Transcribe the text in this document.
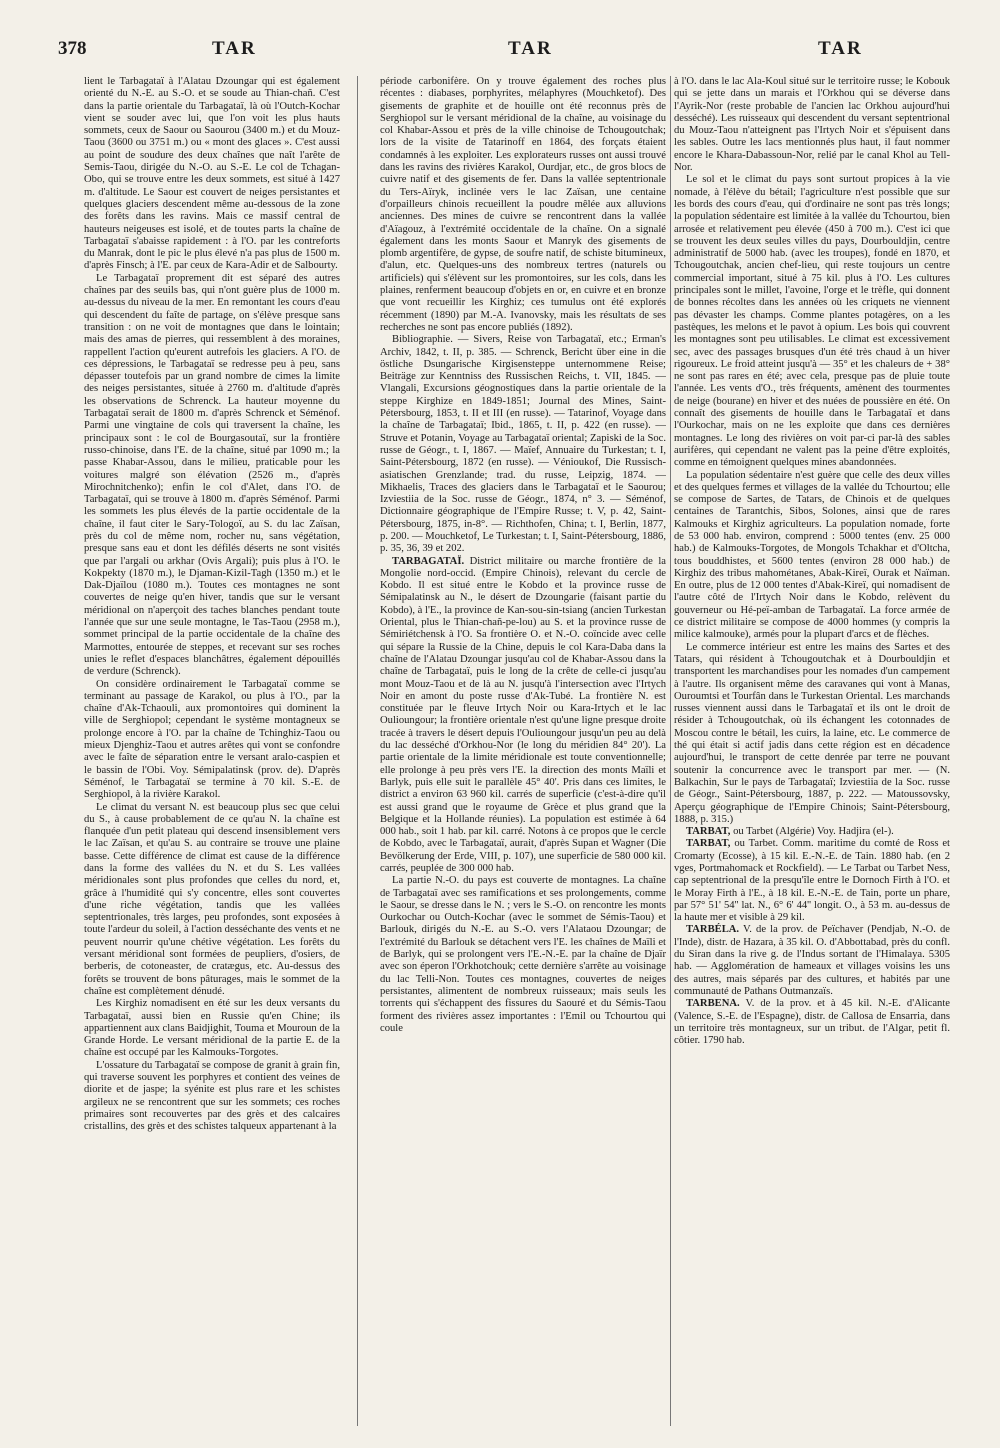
378	TAR	TAR	TAR

lient le Tarbagataï à l'Alatau Dzoungar qui est également orienté du N.-E. au S.-O. et se soude au Thian-chañ. C'est dans la partie orientale du Tarbagataï, là où l'Outch-Kochar vient se souder avec lui, que l'on voit les plus hauts sommets, ceux de Saour ou Saourou (3400 m.) et du Mouz-Taou (3600 ou 3751 m.) ou « mont des glaces ». C'est aussi au point de soudure des deux chaînes que naît l'arête de Semis-Taou, dirigée du N.-O. au S.-E. Le col de Tchagan-Obo, qui se trouve entre les deux sommets, est situé à 1427 m. d'altitude. Le Saour est couvert de neiges persistantes et quelques glaciers descendent même au-dessous de la zone des forêts dans les ravins. Mais ce massif central de hauteurs neigeuses est isolé, et de toutes parts la chaîne de Tarbagataï s'abaisse rapidement : à l'O. par les contreforts du Manrak, dont le pic le plus élevé n'a pas plus de 1500 m. d'après Finsch; à l'E. par ceux de Kara-Adir et de Salbourty.

Le Tarbagataï proprement dit est séparé des autres chaînes par des seuils bas, qui n'ont guère plus de 1000 m. au-dessus du niveau de la mer. En remontant les cours d'eau qui descendent du faîte de partage, on s'élève presque sans transition : on ne voit de montagnes que dans le lointain; mais des amas de pierres, qui ressemblent à des moraines, rappellent l'action qu'eurent autrefois les glaciers. A l'O. de ces dépressions, le Tarbagataï se redresse peu à peu, sans dépasser toutefois par un grand nombre de cimes la limite des neiges persistantes, située à 2760 m. d'altitude d'après les observations de Schrenck. La hauteur moyenne du Tarbagataï serait de 1800 m. d'après Schrenck et Séménof. Parmi une vingtaine de cols qui traversent la chaîne, les principaux sont : le col de Bourgasoutaï, sur la frontière russo-chinoise, dans l'E. de la chaîne, situé par 1090 m.; la passe Khabar-Assou, dans le milieu, praticable pour les voitures malgré son élévation (2526 m., d'après Mirochnitchenko); enfin le col d'Alet, dans l'O. de Tarbagataï, qui se trouve à 1800 m. d'après Séménof. Parmi les sommets les plus élevés de la partie occidentale de la chaîne, il faut citer le Sary-Tologoï, au S. du lac Zaïsan, près du col de même nom, rocher nu, sans végétation, presque sans eau et dont les défilés déserts ne sont visités que par l'argali ou arkhar (Ovis Argali); puis plus à l'O. le Kokpekty (1870 m.), le Djaman-Kizil-Tagh (1350 m.) et le Dak-Djaïlou (1080 m.). Toutes ces montagnes ne sont couvertes de neige qu'en hiver, tandis que sur le versant méridional on n'aperçoit des taches blanches pendant toute l'année que sur une seule montagne, le Tas-Taou (2958 m.), sommet principal de la partie occidentale de la chaîne des Marmottes, entourée de steppes, et recevant sur ses roches unies le reflet d'espaces blanchâtres, également dépouillés de verdure (Schrenck).

On considère ordinairement le Tarbagataï comme se terminant au passage de Karakol, ou plus à l'O., par la chaîne d'Ak-Tchaouli, aux promontoires qui dominent la ville de Serghiopol; cependant le système montagneux se prolonge encore à l'O. par la chaîne de Tchinghiz-Taou ou mieux Djenghiz-Taou et autres arêtes qui vont se confondre avec le faîte de séparation entre le versant aralo-caspien et le bassin de l'Obi. Voy. Sémipalatinsk (prov. de). D'après Séménof, le Tarbagataï se termine à 70 kil. S.-E. de Serghiopol, à la rivière Karakol.

Le climat du versant N. est beaucoup plus sec que celui du S., à cause probablement de ce qu'au N. la chaîne est flanquée d'un petit plateau qui descend insensiblement vers le lac Zaïsan, et qu'au S. au contraire se trouve une plaine basse. Cette différence de climat est cause de la différence dans la forme des vallées du N. et du S. Les vallées méridionales sont plus profondes que celles du nord, et, grâce à l'humidité qui s'y concentre, elles sont couvertes d'une riche végétation, tandis que les vallées septentrionales, très larges, peu profondes, sont exposées à toute l'ardeur du soleil, à l'action desséchante des vents et ne peuvent nourrir qu'une chétive végétation. Les forêts du versant méridional sont formées de peupliers, d'osiers, de berberis, de cotoneaster, de cratægus, etc. Au-dessus des forêts se trouvent de bons pâturages, mais le sommet de la chaîne est complètement dénudé.

Les Kirghiz nomadisent en été sur les deux versants du Tarbagataï, aussi bien en Russie qu'en Chine; ils appartiennent aux clans Baidjighit, Touma et Mouroun de la Grande Horde. Le versant méridional de la partie E. de la chaîne est occupé par les Kalmouks-Torgotes.

L'ossature du Tarbagataï se compose de granit à grain fin, qui traverse souvent les porphyres et contient des veines de diorite et de jaspe; la syénite est plus rare et les schistes argileux ne se rencontrent que sur les sommets; ces roches primaires sont recouvertes par des grès et des calcaires cristallins, des grès et des schistes talqueux appartenant à la

période carbonifère. On y trouve également des roches plus récentes : diabases, porphyrites, mélaphyres (Mouchketof). Des gisements de graphite et de houille ont été reconnus près de Serghiopol sur le versant méridional de la chaîne, au voisinage du col Khabar-Assou et près de la ville chinoise de Tchougoutchak; lors de la visite de Tatarinoff en 1864, des forçats étaient condamnés à les exploiter. Les explorateurs russes ont aussi trouvé dans les ravins des rivières Karakol, Ourdjar, etc., de gros blocs de cuivre natif et des gisements de fer. Dans la vallée septentrionale du Ters-Aïryk, inclinée vers le lac Zaïsan, une centaine d'orpailleurs chinois recueillent la poudre mêlée aux alluvions anciennes. Des mines de cuivre se rencontrent dans la vallée d'Aïagouz, à l'extrémité occidentale de la chaîne. On a signalé également dans les monts Saour et Manryk des gisements de plomb argentifère, de gypse, de soufre natif, de schiste bitumineux, d'alun, etc. Quelques-uns des nombreux tertres (naturels ou artificiels) qui s'élèvent sur les promontoires, sur les cols, dans les plaines, renferment beaucoup d'objets en or, en cuivre et en bronze que vont recueillir les Kirghiz; ces tumulus ont été explorés récemment (1890) par M.-A. Ivanovsky, mais les résultats de ses recherches ne sont pas encore publiés (1892).

Bibliographie. — Sivers, Reise von Tarbagataï, etc.; Erman's Archiv, 1842, t. II, p. 385. — Schrenck, Bericht über eine in die östliche Dsungarische Kirgisensteppe unternommene Reise; Beiträge zur Kenntniss des Russischen Reichs, t. VII, 1845. — Vlangali, Excursions géognostiques dans la partie orientale de la steppe Kirghize en 1849-1851; Journal des Mines, Saint-Pétersbourg, 1853, t. II et III (en russe). — Tatarinof, Voyage dans la chaîne de Tarbagataï; Ibid., 1865, t. II, p. 422 (en russe). — Struve et Potanin, Voyage au Tarbagataï oriental; Zapiski de la Soc. russe de Géogr., t. I, 1867. — Maïef, Annuaire du Turkestan; t. I, Saint-Pétersbourg, 1872 (en russe). — Vénioukof, Die Russisch-asiatischen Grenzlande; trad. du russe, Leipzig, 1874. — Mikhaelis, Traces des glaciers dans le Tarbagataï et le Saourou; Izviestiia de la Soc. russe de Géogr., 1874, n° 3. — Séménof, Dictionnaire géographique de l'Empire Russe; t. V, p. 42, Saint-Pétersbourg, 1875, in-8°. — Richthofen, China; t. I, Berlin, 1877, p. 200. — Mouchketof, Le Turkestan; t. I, Saint-Pétersbourg, 1886, p. 35, 36, 39 et 202.

TARBAGATAÏ. District militaire ou marche frontière de la Mongolie nord-occid. (Empire Chinois), relevant du cercle de Kobdo. Il est situé entre le Kobdo et la province russe de Sémipalatinsk au N., le désert de Dzoungarie (faisant partie du Kobdo), à l'E., la province de Kan-sou-sin-tsiang (ancien Turkestan Oriental, plus le Thian-chañ-pe-lou) au S. et la province russe de Sémiriétchensk à l'O. Sa frontière O. et N.-O. coïncide avec celle qui sépare la Russie de la Chine, depuis le col Kara-Daba dans la chaîne de l'Alatau Dzoungar jusqu'au col de Khabar-Assou dans la chaîne de Tarbagataï, puis le long de la crête de celle-ci jusqu'au mont Mouz-Taou et de là au N. jusqu'à l'intersection avec l'Irtych Noir en amont du poste russe d'Ak-Tubé. La frontière N. est constituée par le fleuve Irtych Noir ou Kara-Irtych et le lac Oulioungour; la frontière orientale n'est qu'une ligne presque droite tracée à travers le désert depuis l'Oulioungour jusqu'un peu au delà du lac desséché d'Orkhou-Nor (le long du méridien 84° 20'). La partie orientale de la limite méridionale est toute conventionnelle; elle prolonge à peu près vers l'E. la direction des monts Maïli et Barlyk, puis elle suit le parallèle 45° 40'. Pris dans ces limites, le district a environ 63 960 kil. carrés de superficie (c'est-à-dire qu'il est aussi grand que le royaume de Grèce et plus grand que la Belgique et la Hollande réunies). La population est estimée à 64 000 hab., soit 1 hab. par kil. carré. Notons à ce propos que le cercle de Kobdo, avec le Tarbagataï, aurait, d'après Supan et Wagner (Die Bevölkerung der Erde, VIII, p. 107), une superficie de 580 000 kil. carrés, peuplée de 300 000 hab.

La partie N.-O. du pays est couverte de montagnes. La chaîne de Tarbagataï avec ses ramifications et ses prolongements, comme le Saour, se dresse dans le N. ; vers le S.-O. on rencontre les monts Ourkochar ou Outch-Kochar (avec le sommet de Sémis-Taou) et Barlouk, dirigés du N.-E. au S.-O. vers l'Alataou Dzoungar; de l'extrémité du Barlouk se détachent vers l'E. les chaînes de Maïli et de Barlyk, qui se prolongent vers l'E.-N.-E. par la chaîne de Djaïr avec son éperon l'Orkhotchouk; cette dernière s'arrête au voisinage du lac Telli-Non. Toutes ces montagnes, couvertes de neiges persistantes, alimentent de nombreux ruisseaux; mais seuls les torrents qui s'échappent des fissures du Saouré et du Sémis-Taou forment des rivières assez importantes : l'Emil ou Tchourtou qui coule

à l'O. dans le lac Ala-Koul situé sur le territoire russe; le Kobouk qui se jette dans un marais et l'Orkhou qui se déverse dans l'Ayrik-Nor (reste probable de l'ancien lac Orkhou aujourd'hui desséché). Les ruisseaux qui descendent du versant septentrional du Mouz-Taou n'atteignent pas l'Irtych Noir et s'épuisent dans les sables. Outre les lacs mentionnés plus haut, il faut nommer encore le Khara-Dabassoun-Nor, relié par le canal Khol au Tell-Nor.

Le sol et le climat du pays sont surtout propices à la vie nomade, à l'élève du bétail; l'agriculture n'est possible que sur les bords des cours d'eau, qui d'ordinaire ne sont pas très longs; la population sédentaire est limitée à la vallée du Tchourtou, bien arrosée et relativement peu élevée (450 à 700 m.). C'est ici que se trouvent les deux seules villes du pays, Dourbouldjin, centre administratif de 5000 hab. (avec les troupes), fondé en 1870, et Tchougoutchak, ancien chef-lieu, qui reste toujours un centre commercial important, situé à 75 kil. plus à l'O. Les cultures principales sont le millet, l'avoine, l'orge et le trèfle, qui donnent de bonnes récoltes dans les années où les criquets ne viennent pas dévaster les champs. Comme plantes potagères, on a les pastèques, les melons et le pavot à opium. Les bois qui couvrent les montagnes sont peu utilisables. Le climat est excessivement sec, avec des passages brusques d'un été très chaud à un hiver rigoureux. Le froid atteint jusqu'à — 35° et les chaleurs de + 38° ne sont pas rares en été; avec cela, presque pas de pluie toute l'année. Les vents d'O., très fréquents, amènent des tourmentes de neige (bourane) en hiver et des nuées de poussière en été. On connaît des gisements de houille dans le Tarbagataï et dans l'Ourkochar, mais on ne les exploite que dans ces dernières montagnes. Le long des rivières on voit par-ci par-là des sables aurifères, qui cependant ne valent pas la peine d'être exploités, comme en témoignent quelques mines abandonnées.

La population sédentaire n'est guère que celle des deux villes et des quelques fermes et villages de la vallée du Tchourtou; elle se compose de Sartes, de Tatars, de Chinois et de quelques centaines de Tarantchis, Sibos, Solones, ainsi que de rares Kalmouks et Kirghiz agriculteurs. La population nomade, forte de 53 000 hab. environ, comprend : 5000 tentes (env. 25 000 hab.) de Kalmouks-Torgotes, de Mongols Tchakhar et d'Oltcha, tous bouddhistes, et 5600 tentes (environ 28 000 hab.) de Kirghiz des tribus mahométanes, Abak-Kireï, Ourak et Naïman. En outre, plus de 12 000 tentes d'Abak-Kireï, qui nomadisent de l'autre côté de l'Irtych Noir dans le Kobdo, relèvent du gouverneur ou Hé-peï-amban de Tarbagataï. La force armée de ce district militaire se compose de 4000 hommes (y compris la milice kalmouke), armés pour la plupart d'arcs et de flèches.

Le commerce intérieur est entre les mains des Sartes et des Tatars, qui résident à Tchougoutchak et à Dourbouldjin et transportent les marchandises pour les nomades d'un campement à l'autre. Ils organisent même des caravanes qui vont à Manas, Ouroumtsi et Tourfân dans le Turkestan Oriental. Les marchands russes viennent aussi dans le Tarbagataï et ils ont le droit de résider à Tchougoutchak, où ils échangent les cotonnades de Moscou contre le bétail, les cuirs, la laine, etc. Le commerce de thé qui était si actif jadis dans cette région est en décadence aujourd'hui, le transport de cette denrée par terre ne pouvant soutenir la concurrence avec le transport par mer. — (N. Balkachin, Sur le pays de Tarbagataï; Izviestiia de la Soc. russe de Géogr., Saint-Pétersbourg, 1887, p. 222. — Matoussovsky, Aperçu géographique de l'Empire Chinois; Saint-Pétersbourg, 1888, p. 315.)

TARBAT, ou Tarbet (Algérie) Voy. Hadjira (el-).

TARBAT, ou Tarbet. Comm. maritime du comté de Ross et Cromarty (Ecosse), à 15 kil. E.-N.-E. de Tain. 1880 hab. (en 2 vges, Portmahomack et Rockfield). — Le Tarbat ou Tarbet Ness, cap septentrional de la presqu'île entre le Dornoch Firth à l'O. et le Moray Firth à l'E., à 18 kil. E.-N.-E. de Tain, porte un phare, par 57° 51' 54'' lat. N., 6° 6' 44'' longit. O., à 53 m. au-dessus de la haute mer et visible à 29 kil.

TARBÉLA. V. de la prov. de Peïchaver (Pendjab, N.-O. de l'Inde), distr. de Hazara, à 35 kil. O. d'Abbottabad, près du confl. du Siran dans la rive g. de l'Indus sortant de l'Himalaya. 5305 hab. — Agglomération de hameaux et villages voisins les uns des autres, mais séparés par des cultures, et habités par une communauté de Pathans Outmanzaïs.

TARBENA. V. de la prov. et à 45 kil. N.-E. d'Alicante (Valence, S.-E. de l'Espagne), distr. de Callosa de Ensarria, dans un territoire très montagneux, sur un tribut. de l'Algar, petit fl. côtier. 1790 hab.
